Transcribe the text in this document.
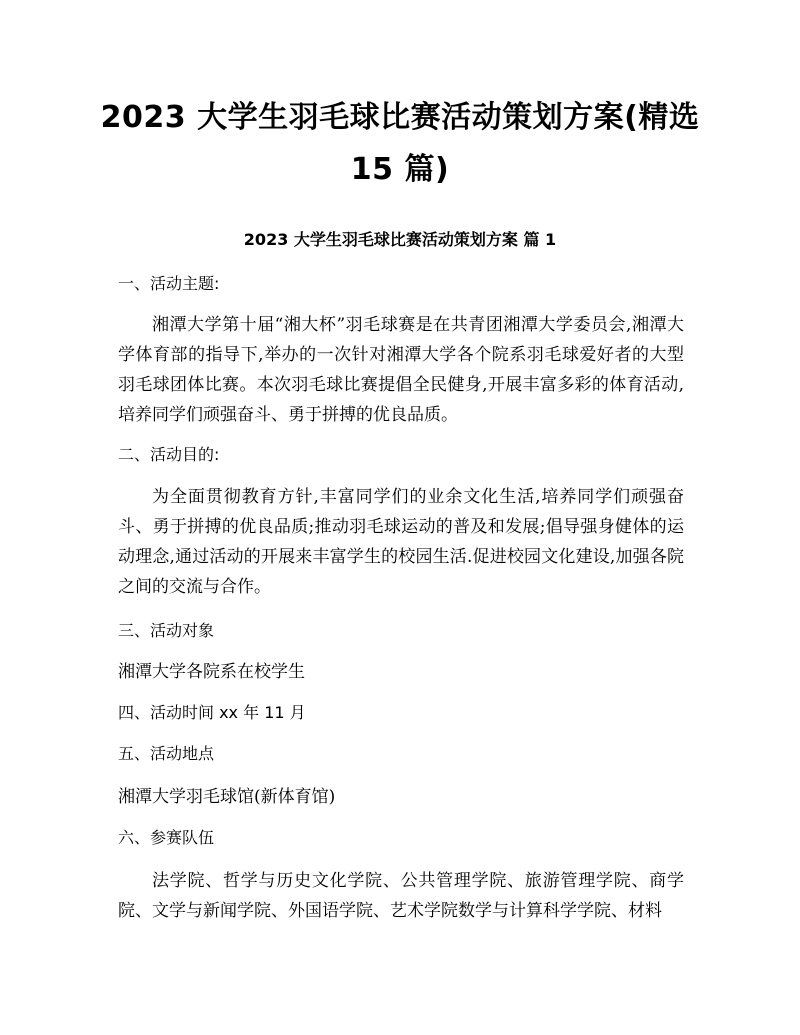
2023 大学生羽毛球比赛活动策划方案(精选 15 篇)
2023 大学生羽毛球比赛活动策划方案 篇 1
一、活动主题:
湘潭大学第十届“湘大杯”羽毛球赛是在共青团湘潭大学委员会,湘潭大学体育部的指导下,举办的一次针对湘潭大学各个院系羽毛球爱好者的大型羽毛球团体比赛。本次羽毛球比赛提倡全民健身,开展丰富多彩的体育活动,培养同学们顽强奋斗、勇于拼搏的优良品质。
二、活动目的:
为全面贯彻教育方针,丰富同学们的业余文化生活,培养同学们顽强奋斗、勇于拼搏的优良品质;推动羽毛球运动的普及和发展;倡导强身健体的运动理念,通过活动的开展来丰富学生的校园生活.促进校园文化建设,加强各院之间的交流与合作。
三、活动对象
湘潭大学各院系在校学生
四、活动时间 xx 年 11 月
五、活动地点
湘潭大学羽毛球馆(新体育馆)
六、参赛队伍
法学院、哲学与历史文化学院、公共管理学院、旅游管理学院、商学院、文学与新闻学院、外国语学院、艺术学院数学与计算科学学院、材料
